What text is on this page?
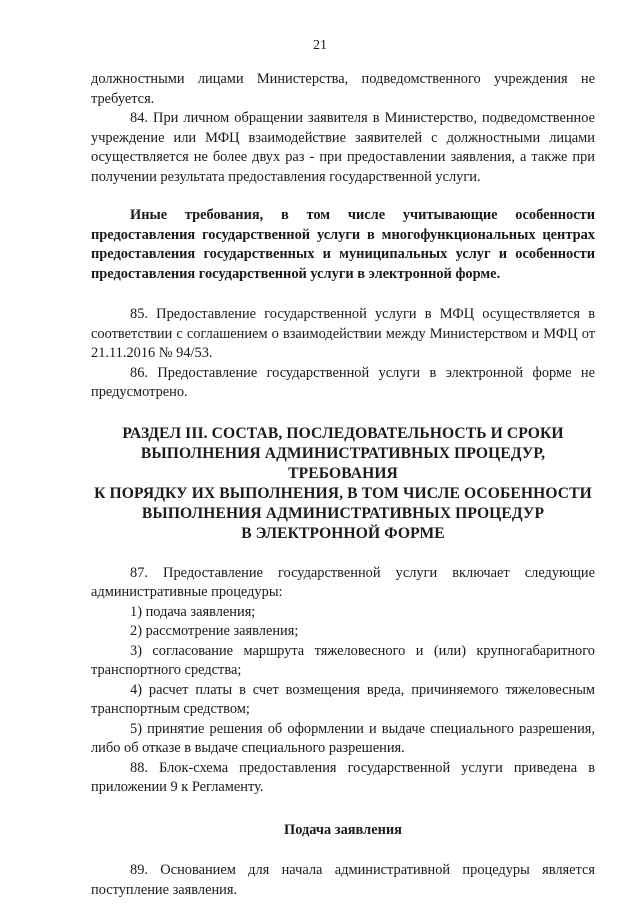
21

должностными лицами Министерства, подведомственного учреждения не требуется.

84. При личном обращении заявителя в Министерство, подведомственное учреждение или МФЦ взаимодействие заявителей с должностными лицами осуществляется не более двух раз - при предоставлении заявления, а также при получении результата предоставления государственной услуги.

Иные требования, в том числе учитывающие особенности предоставления государственной услуги в многофункциональных центрах предоставления государственных и муниципальных услуг и особенности предоставления государственной услуги в электронной форме.

85. Предоставление государственной услуги в МФЦ осуществляется в соответствии с соглашением о взаимодействии между Министерством и МФЦ от 21.11.2016 № 94/53.

86. Предоставление государственной услуги в электронной форме не предусмотрено.

РАЗДЕЛ III. СОСТАВ, ПОСЛЕДОВАТЕЛЬНОСТЬ И СРОКИ
ВЫПОЛНЕНИЯ АДМИНИСТРАТИВНЫХ ПРОЦЕДУР, ТРЕБОВАНИЯ
К ПОРЯДКУ ИХ ВЫПОЛНЕНИЯ, В ТОМ ЧИСЛЕ ОСОБЕННОСТИ
ВЫПОЛНЕНИЯ АДМИНИСТРАТИВНЫХ ПРОЦЕДУР
В ЭЛЕКТРОННОЙ ФОРМЕ

87. Предоставление государственной услуги включает следующие административные процедуры:

1) подача заявления;

2) рассмотрение заявления;

3) согласование маршрута тяжеловесного и (или) крупногабаритного транспортного средства;

4) расчет платы в счет возмещения вреда, причиняемого тяжеловесным транспортным средством;

5) принятие решения об оформлении и выдаче специального разрешения, либо об отказе в выдаче специального разрешения.

88. Блок-схема предоставления государственной услуги приведена в приложении 9 к Регламенту.

Подача заявления

89. Основанием для начала административной процедуры является поступление заявления.
